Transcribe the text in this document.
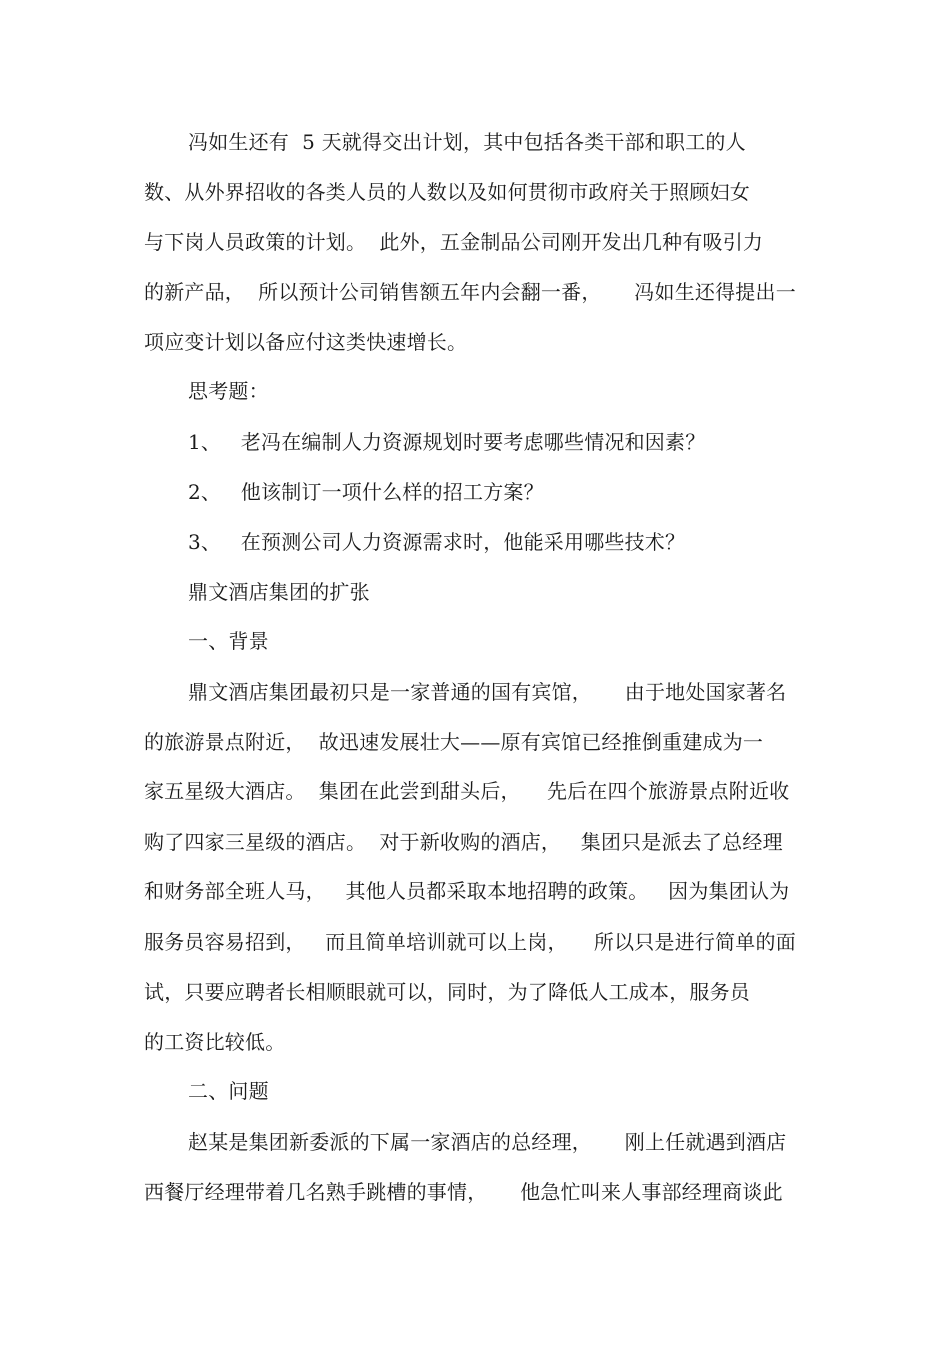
冯如生还有  5 天就得交出计划，其中包括各类干部和职工的人
数、从外界招收的各类人员的人数以及如何贯彻市政府关于照顾妇女
与下岗人员政策的计划。  此外，五金制品公司刚开发出几种有吸引力
的新产品，  所以预计公司销售额五年内会翻一番，     冯如生还得提出一
项应变计划以备应付这类快速增长。
思考题：
1、   老冯在编制人力资源规划时要考虑哪些情况和因素？
2、   他该制订一项什么样的招工方案？
3、   在预测公司人力资源需求时，他能采用哪些技术？
鼎文酒店集团的扩张
一、背景
鼎文酒店集团最初只是一家普通的国有宾馆，     由于地处国家著名
的旅游景点附近，  故迅速发展壮大——原有宾馆已经推倒重建成为一
家五星级大酒店。  集团在此尝到甜头后，    先后在四个旅游景点附近收
购了四家三星级的酒店。  对于新收购的酒店，   集团只是派去了总经理
和财务部全班人马，   其他人员都采取本地招聘的政策。   因为集团认为
服务员容易招到，   而且简单培训就可以上岗，    所以只是进行简单的面
试，只要应聘者长相顺眼就可以，同时，为了降低人工成本，服务员
的工资比较低。
二、问题
赵某是集团新委派的下属一家酒店的总经理，     刚上任就遇到酒店
西餐厅经理带着几名熟手跳槽的事情，     他急忙叫来人事部经理商谈此
